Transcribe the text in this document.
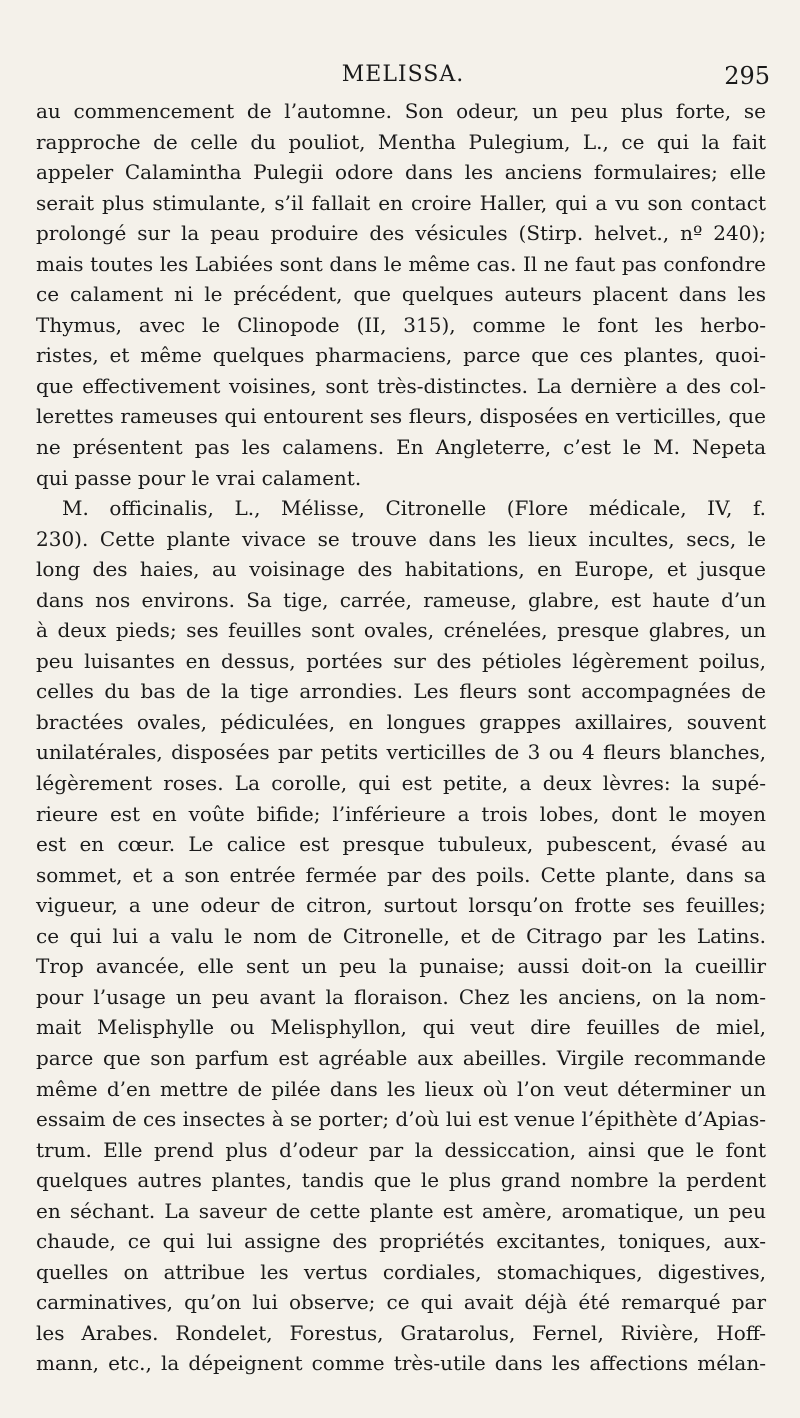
MELISSA.	295
au commencement de l’automne. Son odeur, un peu plus forte, se
rapproche de celle du pouliot, Mentha Pulegium, L., ce qui la fait
appeler Calamintha Pulegii odore dans les anciens formulaires; elle
serait plus stimulante, s’il fallait en croire Haller, qui a vu son contact
prolongé sur la peau produire des vésicules (Stirp. helvet., nº 240);
mais toutes les Labiées sont dans le même cas. Il ne faut pas confondre
ce calament ni le précédent, que quelques auteurs placent dans les
Thymus, avec le Clinopode (II, 315), comme le font les herbo-
ristes, et même quelques pharmaciens, parce que ces plantes, quoi-
que effectivement voisines, sont très-distinctes. La dernière a des col-
lerettes rameuses qui entourent ses fleurs, disposées en verticilles, que
ne présentent pas les calamens. En Angleterre, c’est le M. Nepeta
qui passe pour le vrai calament.
M. officinalis, L., Mélisse, Citronelle (Flore médicale, IV, f.
230). Cette plante vivace se trouve dans les lieux incultes, secs, le
long des haies, au voisinage des habitations, en Europe, et jusque
dans nos environs. Sa tige, carrée, rameuse, glabre, est haute d’un
à deux pieds; ses feuilles sont ovales, crénelées, presque glabres, un
peu luisantes en dessus, portées sur des pétioles légèrement poilus,
celles du bas de la tige arrondies. Les fleurs sont accompagnées de
bractées ovales, pédiculées, en longues grappes axillaires, souvent
unilatérales, disposées par petits verticilles de 3 ou 4 fleurs blanches,
légèrement roses. La corolle, qui est petite, a deux lèvres: la supé-
rieure est en voûte bifide; l’inférieure a trois lobes, dont le moyen
est en cœur. Le calice est presque tubuleux, pubescent, évasé au
sommet, et a son entrée fermée par des poils. Cette plante, dans sa
vigueur, a une odeur de citron, surtout lorsqu’on frotte ses feuilles;
ce qui lui a valu le nom de Citronelle, et de Citrago par les Latins.
Trop avancée, elle sent un peu la punaise; aussi doit-on la cueillir
pour l’usage un peu avant la floraison. Chez les anciens, on la nom-
mait Melisphylle ou Melisphyllon, qui veut dire feuilles de miel,
parce que son parfum est agréable aux abeilles. Virgile recommande
même d’en mettre de pilée dans les lieux où l’on veut déterminer un
essaim de ces insectes à se porter; d’où lui est venue l’épithète d’Apias-
trum. Elle prend plus d’odeur par la dessiccation, ainsi que le font
quelques autres plantes, tandis que le plus grand nombre la perdent
en séchant. La saveur de cette plante est amère, aromatique, un peu
chaude, ce qui lui assigne des propriétés excitantes, toniques, aux-
quelles on attribue les vertus cordiales, stomachiques, digestives,
carminatives, qu’on lui observe; ce qui avait déjà été remarqué par
les Arabes. Rondelet, Forestus, Gratarolus, Fernel, Rivière, Hoff-
mann, etc., la dépeignent comme très-utile dans les affections mélan-
